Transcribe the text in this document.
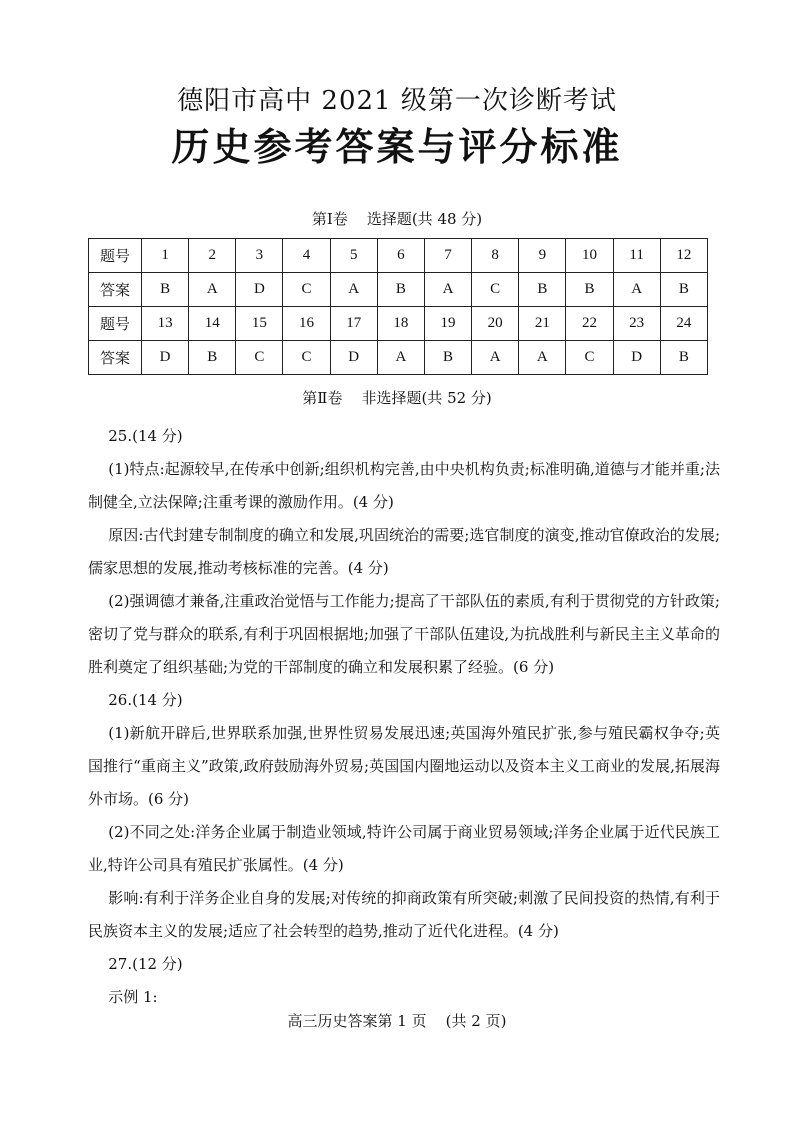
德阳市高中 2021 级第一次诊断考试
历史参考答案与评分标准
第Ⅰ卷    选择题(共 48 分)
题号	1	2	3	4	5	6	7	8	9	10	11	12
答案	B	A	D	C	A	B	A	C	B	B	A	B
题号	13	14	15	16	17	18	19	20	21	22	23	24
答案	D	B	C	C	D	A	B	A	A	C	D	B
第Ⅱ卷    非选择题(共 52 分)

25.(14 分)

(1)特点:起源较早,在传承中创新;组织机构完善,由中央机构负责;标准明确,道德与才能并重;法制健全,立法保障;注重考课的激励作用。(4 分)

原因:古代封建专制制度的确立和发展,巩固统治的需要;选官制度的演变,推动官僚政治的发展;儒家思想的发展,推动考核标准的完善。(4 分)

(2)强调德才兼备,注重政治觉悟与工作能力;提高了干部队伍的素质,有利于贯彻党的方针政策;密切了党与群众的联系,有利于巩固根据地;加强了干部队伍建设,为抗战胜利与新民主主义革命的胜利奠定了组织基础;为党的干部制度的确立和发展积累了经验。(6 分)

26.(14 分)

(1)新航开辟后,世界联系加强,世界性贸易发展迅速;英国海外殖民扩张,参与殖民霸权争夺;英国推行“重商主义”政策,政府鼓励海外贸易;英国国内圈地运动以及资本主义工商业的发展,拓展海外市场。(6 分)

(2)不同之处:洋务企业属于制造业领域,特许公司属于商业贸易领域;洋务企业属于近代民族工业,特许公司具有殖民扩张属性。(4 分)

影响:有利于洋务企业自身的发展;对传统的抑商政策有所突破;刺激了民间投资的热情,有利于民族资本主义的发展;适应了社会转型的趋势,推动了近代化进程。(4 分)

27.(12 分)

示例 1:

高三历史答案第 1 页    (共 2 页)
